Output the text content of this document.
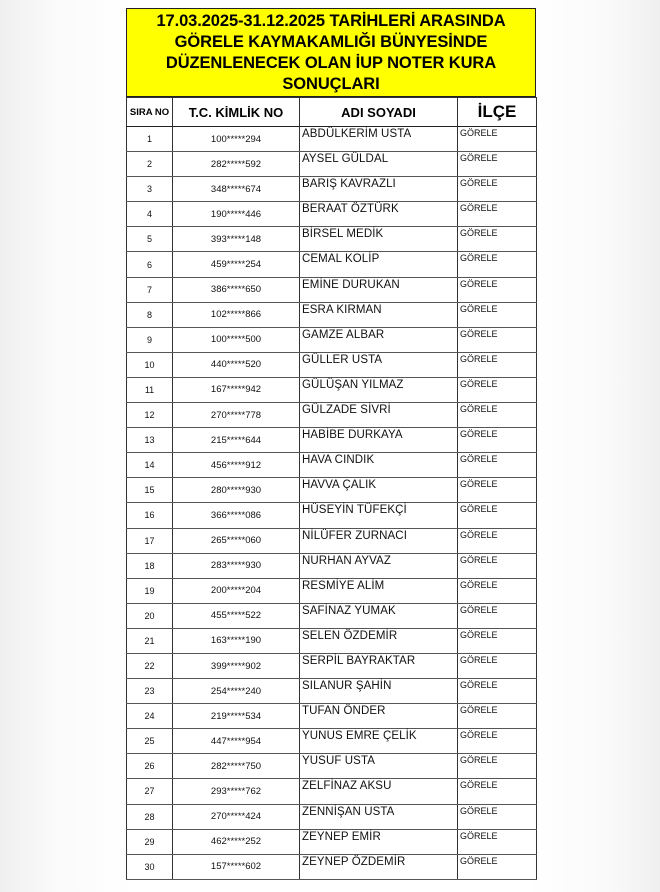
17.03.2025-31.12.2025 TARİHLERİ ARASINDA
GÖRELE KAYMAKAMLIĞI BÜNYESİNDE
DÜZENLENECEK OLAN İUP NOTER KURA
SONUÇLARI
SIRA NO	T.C. KİMLİK NO	ADI SOYADI	İLÇE
1	100*****294	ABDÜLKERİM USTA	GÖRELE
2	282*****592	AYSEL GÜLDAL	GÖRELE
3	348*****674	BARIŞ KAVRAZLI	GÖRELE
4	190*****446	BERAAT ÖZTÜRK	GÖRELE
5	393*****148	BİRSEL MEDİK	GÖRELE
6	459*****254	CEMAL KOLİP	GÖRELE
7	386*****650	EMİNE DURUKAN	GÖRELE
8	102*****866	ESRA KIRMAN	GÖRELE
9	100*****500	GAMZE ALBAR	GÖRELE
10	440*****520	GÜLLER USTA	GÖRELE
11	167*****942	GÜLÜŞAN YILMAZ	GÖRELE
12	270*****778	GÜLZADE SİVRİ	GÖRELE
13	215*****644	HABİBE DURKAYA	GÖRELE
14	456*****912	HAVA CINDIK	GÖRELE
15	280*****930	HAVVA ÇALIK	GÖRELE
16	366*****086	HÜSEYİN TÜFEKÇİ	GÖRELE
17	265*****060	NİLÜFER ZURNACI	GÖRELE
18	283*****930	NURHAN AYVAZ	GÖRELE
19	200*****204	RESMİYE ALİM	GÖRELE
20	455*****522	SAFİNAZ YUMAK	GÖRELE
21	163*****190	SELEN ÖZDEMİR	GÖRELE
22	399*****902	SERPİL BAYRAKTAR	GÖRELE
23	254*****240	SILANUR ŞAHİN	GÖRELE
24	219*****534	TUFAN ÖNDER	GÖRELE
25	447*****954	YUNUS EMRE ÇELİK	GÖRELE
26	282*****750	YUSUF USTA	GÖRELE
27	293*****762	ZELFİNAZ AKSU	GÖRELE
28	270*****424	ZENNİŞAN USTA	GÖRELE
29	462*****252	ZEYNEP EMİR	GÖRELE
30	157*****602	ZEYNEP ÖZDEMİR	GÖRELE
